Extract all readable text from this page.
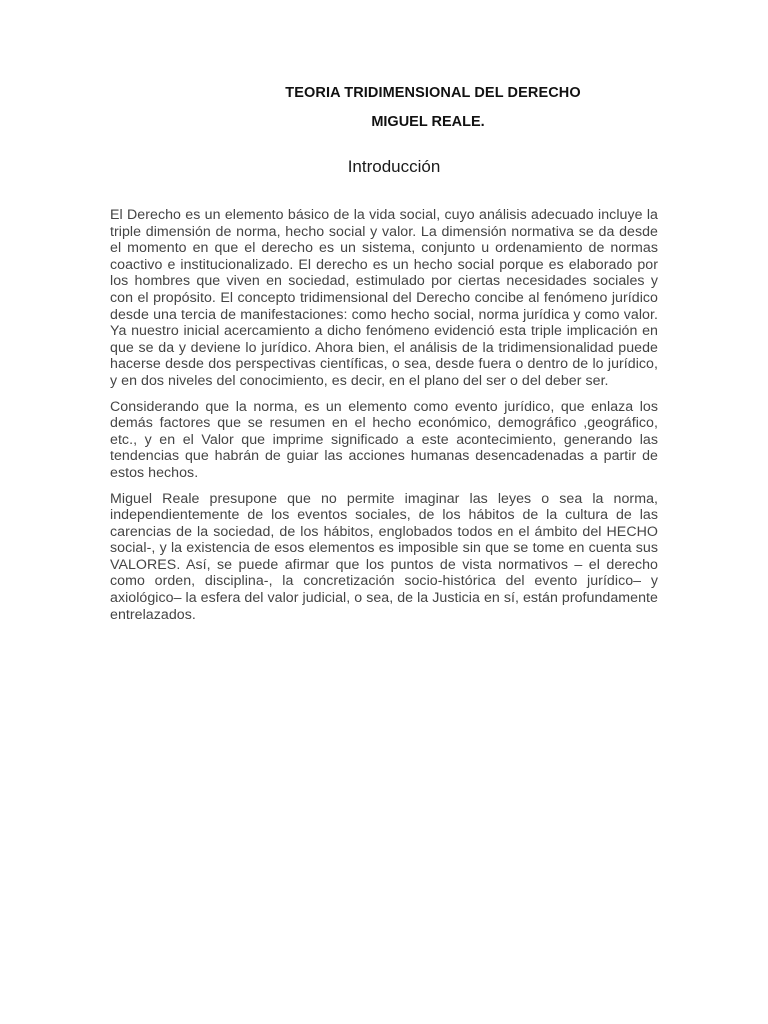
TEORIA TRIDIMENSIONAL DEL DERECHO
MIGUEL REALE.
Introducción

El Derecho es un elemento básico de la vida social, cuyo análisis adecuado incluye la triple dimensión de norma, hecho social y valor. La dimensión normativa se da desde el momento en que el derecho es un sistema, conjunto u ordenamiento de normas coactivo e institucionalizado. El derecho es un hecho social porque es elaborado por los hombres que viven en sociedad, estimulado por ciertas necesidades sociales y con el propósito. El concepto tridimensional del Derecho concibe al fenómeno jurídico desde una tercia de manifestaciones: como hecho social, norma jurídica y como valor. Ya nuestro inicial acercamiento a dicho fenómeno evidenció esta triple implicación en que se da y deviene lo jurídico. Ahora bien, el análisis de la tridimensionalidad puede hacerse desde dos perspectivas científicas, o sea, desde fuera o dentro de lo jurídico, y en dos niveles del conocimiento, es decir, en el plano del ser o del deber ser.

Considerando que la norma, es un elemento como evento jurídico, que enlaza los demás factores que se resumen en el hecho económico, demográfico ,geográfico, etc., y en el Valor que imprime significado a este acontecimiento, generando las tendencias que habrán de guiar las acciones humanas desencadenadas a partir de estos hechos.

Miguel Reale presupone que no permite imaginar las leyes o sea la norma, independientemente de los eventos sociales, de los hábitos de la cultura de las carencias de la sociedad, de los hábitos, englobados todos en el ámbito del HECHO social-, y la existencia de esos elementos es imposible sin que se tome en cuenta sus VALORES. Así, se puede afirmar que los puntos de vista normativos – el derecho como orden, disciplina-, la concretización socio-histórica del evento jurídico– y axiológico– la esfera del valor judicial, o sea, de la Justicia en sí, están profundamente entrelazados.
